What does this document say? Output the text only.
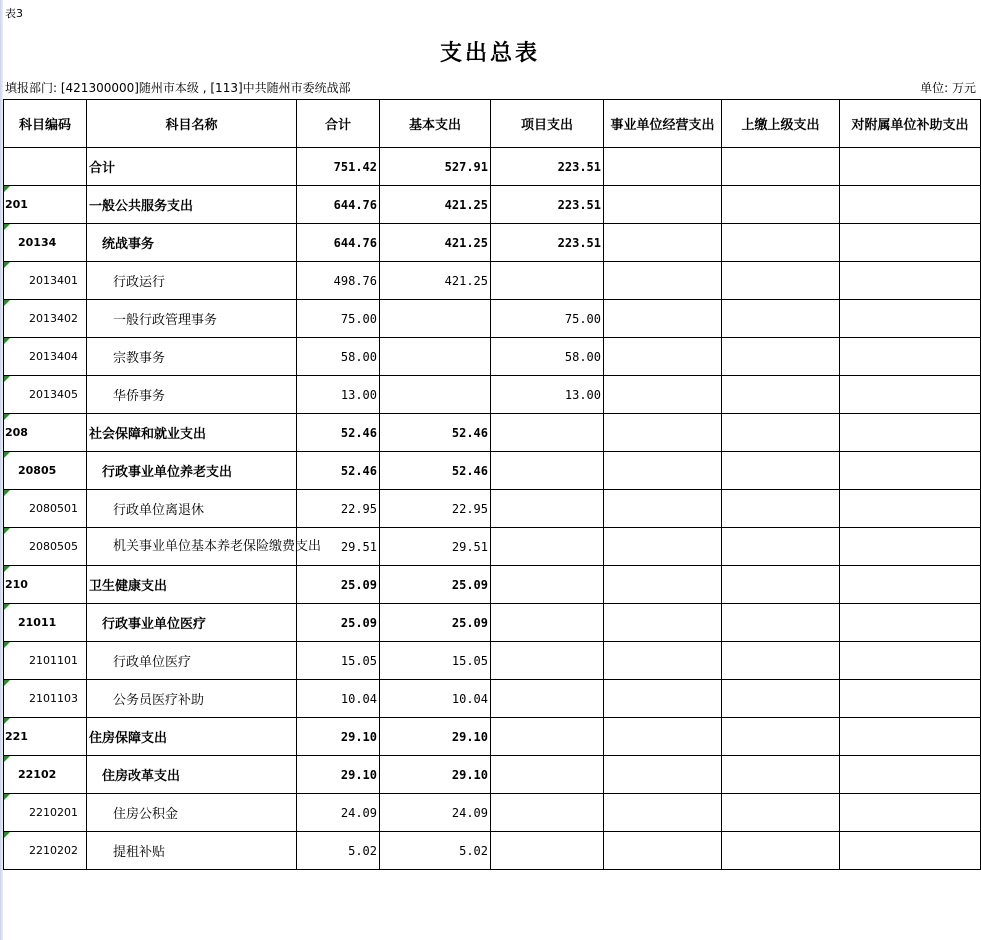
表3
支出总表
填报部门: [421300000]随州市本级 , [113]中共随州市委统战部	单位: 万元
科目编码	科目名称	合计	基本支出	项目支出	事业单位经营支出	上缴上级支出	对附属单位补助支出
	合计	751.42	527.91	223.51			

201	一般公共服务支出	644.76	421.25	223.51			

20134	统战事务	644.76	421.25	223.51			

2013401	行政运行	498.76	421.25				

2013402	一般行政管理事务	75.00		75.00			

2013404	宗教事务	58.00		58.00			

2013405	华侨事务	13.00		13.00			

208	社会保障和就业支出	52.46	52.46				

20805	行政事业单位养老支出	52.46	52.46				

2080501	行政单位离退休	22.95	22.95				

2080505	机关事业单位基本养老保险缴费支出	29.51	29.51				

210	卫生健康支出	25.09	25.09				

21011	行政事业单位医疗	25.09	25.09				

2101101	行政单位医疗	15.05	15.05				

2101103	公务员医疗补助	10.04	10.04				

221	住房保障支出	29.10	29.10				

22102	住房改革支出	29.10	29.10				

2210201	住房公积金	24.09	24.09				

2210202	提租补贴	5.02	5.02				
